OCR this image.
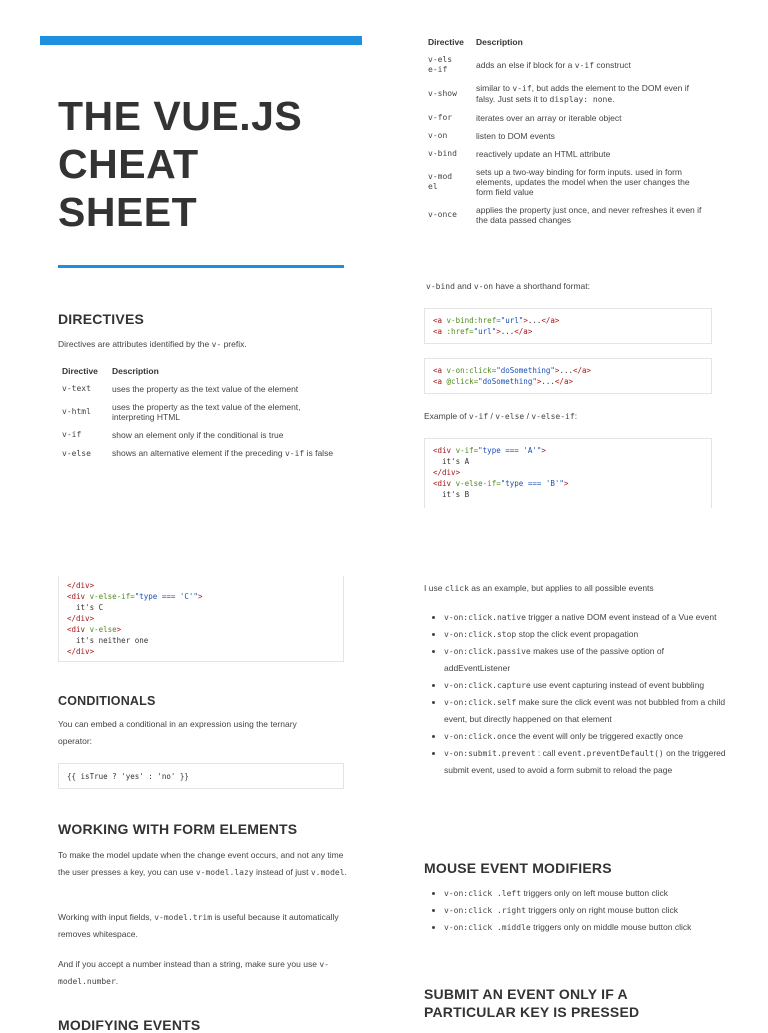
THE VUE.JS
CHEAT
SHEET
DIRECTIVES
Directives are attributes identified by the v- prefix.
Directive	Description
v-text	uses the property as the text value of the element
v-html	uses the property as the text value of the element, interpreting HTML
v-if	show an element only if the conditional is true
v-else	shows an alternative element if the preceding v-if is false
Directive	Description
v-else-if	adds an else if block for a v-if construct
v-show	similar to v-if, but adds the element to the DOM even if falsy. Just sets it to display: none.
v-for	iterates over an array or iterable object
v-on	listen to DOM events
v-bind	reactively update an HTML attribute
v-model	sets up a two-way binding for form inputs. used in form elements, updates the model when the user changes the form field value
v-once	applies the property just once, and never refreshes it even if the data passed changes
v-bind and v-on have a shorthand format:
<a v-bind:href="url">...</a>
<a :href="url">...</a>
<a v-on:click="doSomething">...</a>
<a @click="doSomething">...</a>
Example of v-if / v-else / v-else-if:
<div v-if="type === 'A'">
it's A
</div>
<div v-else-if="type === 'B'">
it's B
</div>
<div v-else-if="type === 'C'">
it's C
</div>
<div v-else>
it's neither one
</div>
CONDITIONALS
You can embed a conditional in an expression using the ternary operator:
{{ isTrue ? 'yes' : 'no' }}
WORKING WITH FORM ELEMENTS
To make the model update when the change event occurs, and not any time the user presses a key, you can use v-model.lazy instead of just v.model.
Working with input fields, v-model.trim is useful because it automatically removes whitespace.
And if you accept a number instead than a string, make sure you use v-model.number.
MODIFYING EVENTS
I use click as an example, but applies to all possible events
• v-on:click.native trigger a native DOM event instead of a Vue event
• v-on:click.stop stop the click event propagation
• v-on:click.passive makes use of the passive option of addEventListener
• v-on:click.capture use event capturing instead of event bubbling
• v-on:click.self make sure the click event was not bubbled from a child event, but directly happened on that element
• v-on:click.once the event will only be triggered exactly once
• v-on:submit.prevent : call event.preventDefault() on the triggered submit event, used to avoid a form submit to reload the page
MOUSE EVENT MODIFIERS
• v-on:click .left triggers only on left mouse button click
• v-on:click .right triggers only on right mouse button click
• v-on:click .middle triggers only on middle mouse button click
SUBMIT AN EVENT ONLY IF A
PARTICULAR KEY IS PRESSED
